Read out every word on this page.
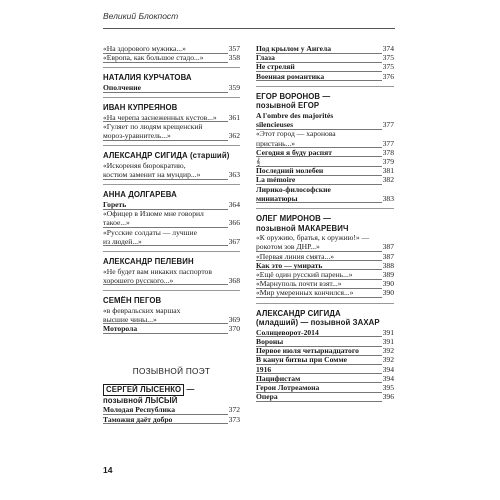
Великий Блокпост
«На здорового мужика...»	357
«Европа, как большое стадо...»	358
НАТАЛИЯ КУРЧАТОВА
Ополчение	359
ИВАН КУПРЕЯНОВ
«На черепа заснеженных кустов...»	361
«Гуляет по людям крещенский
мороз-уравнитель...»	362
АЛЕКСАНДР СИГИДА (старший)
«Искореняя бюрократию,
костюм заменит на мундир...»	363
АННА ДОЛГАРЕВА
Гореть	364
«Офицер в Изюме мне говорил
такое...»	366
«Русские солдаты — лучшие
из людей...»	367
АЛЕКСАНДР ПЕЛЕВИН
«Не будет вам никаких паспортов
хорошего русского...»	368
СЕМЁН ПЕГОВ
«в февральских маршах
высшие чины...»	369
Моторола	370
ПОЗЫВНОЙ ПОЭТ
СЕРГЕЙ ЛЫСЕНКО —
позывной ЛЫСЫЙ
Молодая Республика	372
Таможня даёт добро	373
Под крылом у Ангела	374
Глаза	375
Не стреляй	375
Военная романтика	376
ЕГОР ВОРОНОВ —
позывной ЕГОР
A l'ombre des majorités
silencieuses	377
«Этот город — харонова
пристань...»	377
Сегодня я буду распят	378
𝄞	379
Последний молебен	381
La mémoire	382
Лирико-философские
миниатюры	383
ОЛЕГ МИРОНОВ —
позывной МАКАРЕВИЧ
«К оружию, братья, к оружию!» —
рокотом зов ДНР...»	387
«Первая линия смята...»	387
Как это — умирать	388
«Ещё один русский парень...»	389
«Марнуполь почти взят...»	390
«Мир умеренных кончился...»	390
АЛЕКСАНДР СИГИДА
(младший) — позывной ЗАХАР
Солнцеворот-2014	391
Вороны	391
Первое июля четырнадцатого	392
В канун битвы при Сомме	392
1916	394
Пацифистам	394
Герои Лотреамона	395
Опера	396
14
